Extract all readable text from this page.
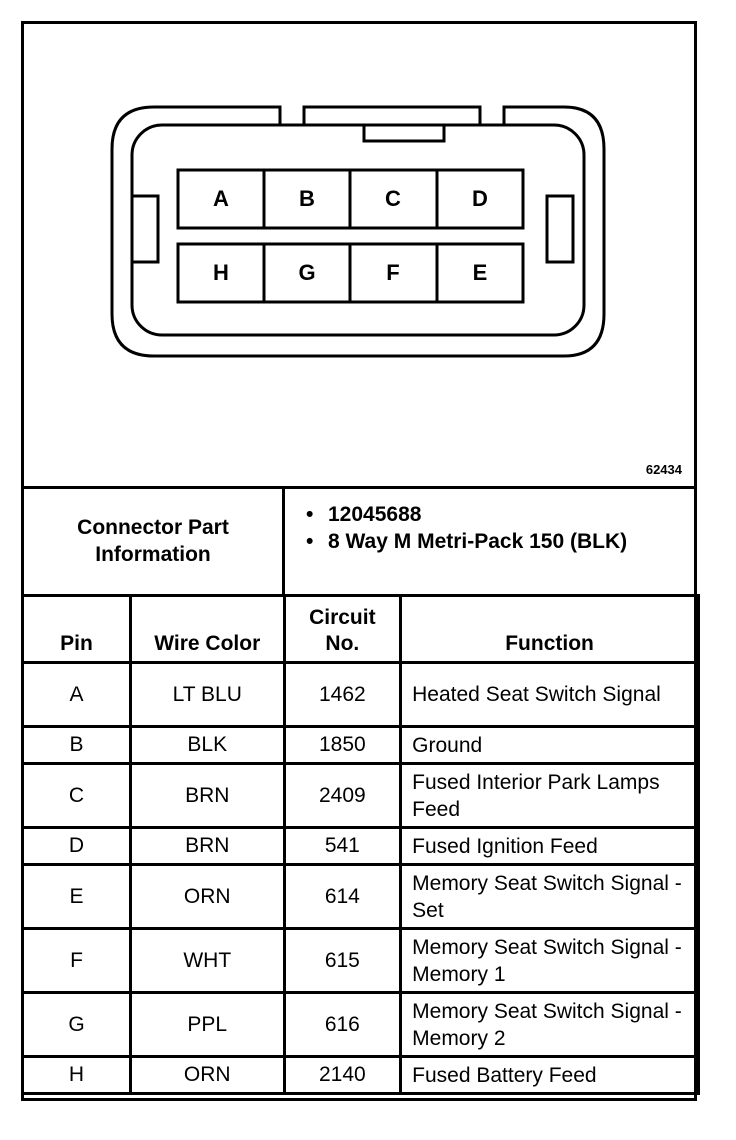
A	B	C	D
H	G	F	E
62434
Connector Part Information
• 12045688
• 8 Way M Metri-Pack 150 (BLK)
Pin	Wire Color	Circuit No.	Function
A	LT BLU	1462	Heated Seat Switch Signal

B	BLK	1850	Ground

C	BRN	2409	Fused Interior Park Lamps Feed

D	BRN	541	Fused Ignition Feed

E	ORN	614	Memory Seat Switch Signal - Set

F	WHT	615	Memory Seat Switch Signal - Memory 1

G	PPL	616	Memory Seat Switch Signal - Memory 2

H	ORN	2140	Fused Battery Feed
